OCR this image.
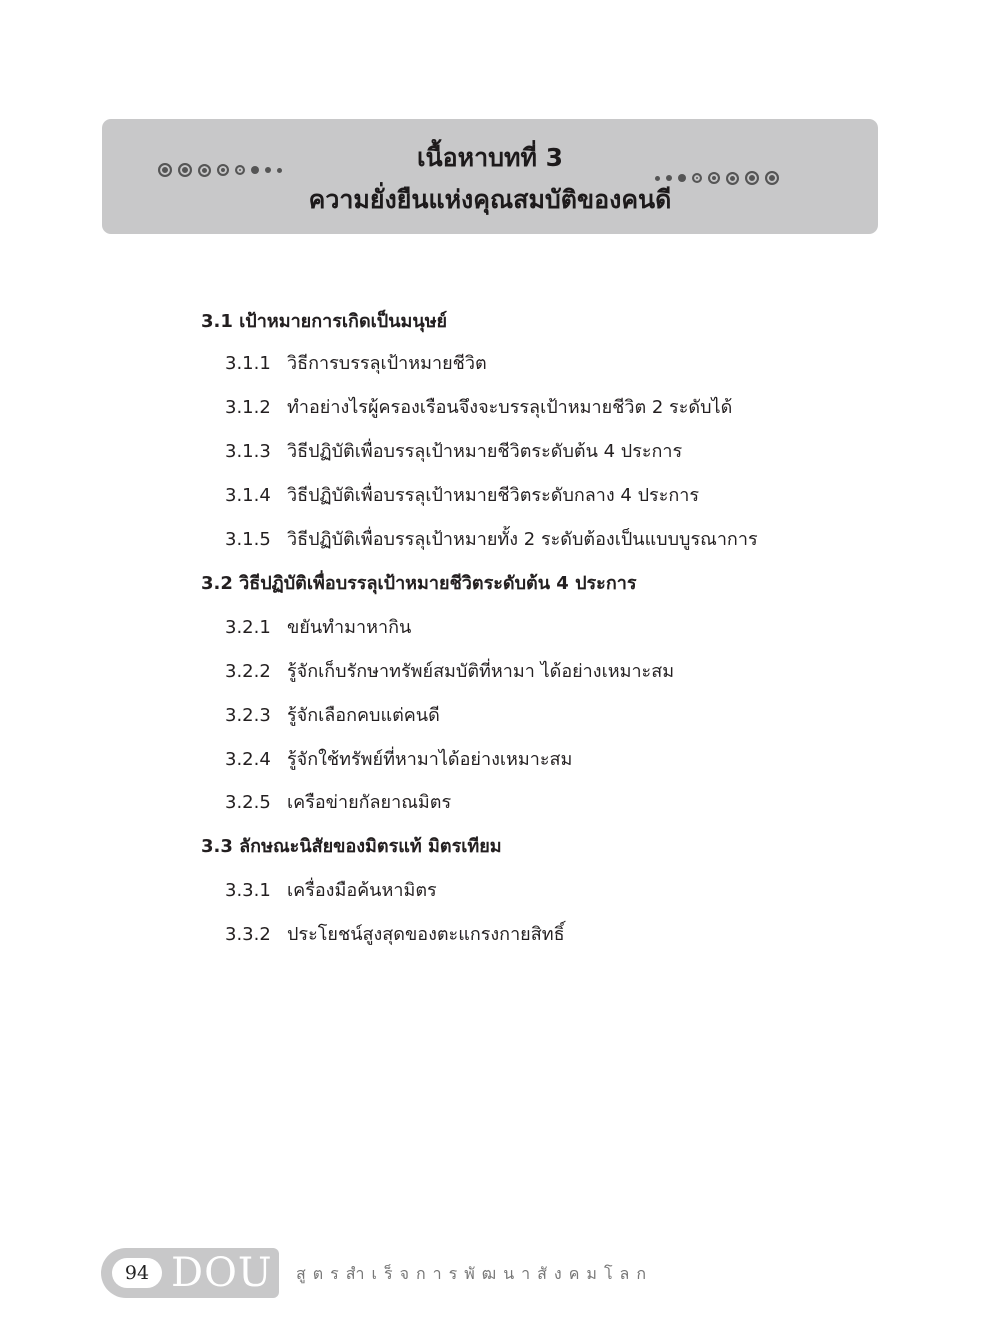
เนื้อหาบทที่ 3
ความยั่งยืนแห่งคุณสมบัติของคนดี
3.1 เป้าหมายการเกิดเป็นมนุษย์
3.1.1 วิธีการบรรลุเป้าหมายชีวิต
3.1.2 ทำอย่างไรผู้ครองเรือนจึงจะบรรลุเป้าหมายชีวิต 2 ระดับได้
3.1.3 วิธีปฏิบัติเพื่อบรรลุเป้าหมายชีวิตระดับต้น 4 ประการ
3.1.4 วิธีปฏิบัติเพื่อบรรลุเป้าหมายชีวิตระดับกลาง 4 ประการ
3.1.5 วิธีปฏิบัติเพื่อบรรลุเป้าหมายทั้ง 2 ระดับต้องเป็นแบบบูรณาการ
3.2 วิธีปฏิบัติเพื่อบรรลุเป้าหมายชีวิตระดับต้น 4 ประการ
3.2.1 ขยันทำมาหากิน
3.2.2 รู้จักเก็บรักษาทรัพย์สมบัติที่หามา ได้อย่างเหมาะสม
3.2.3 รู้จักเลือกคบแต่คนดี
3.2.4 รู้จักใช้ทรัพย์ที่หามาได้อย่างเหมาะสม
3.2.5 เครือข่ายกัลยาณมิตร
3.3 ลักษณะนิสัยของมิตรแท้ มิตรเทียม
3.3.1 เครื่องมือค้นหามิตร
3.3.2 ประโยชน์สูงสุดของตะแกรงกายสิทธิ์
94 DOU สูตรสำเร็จการพัฒนาสังคมโลก
